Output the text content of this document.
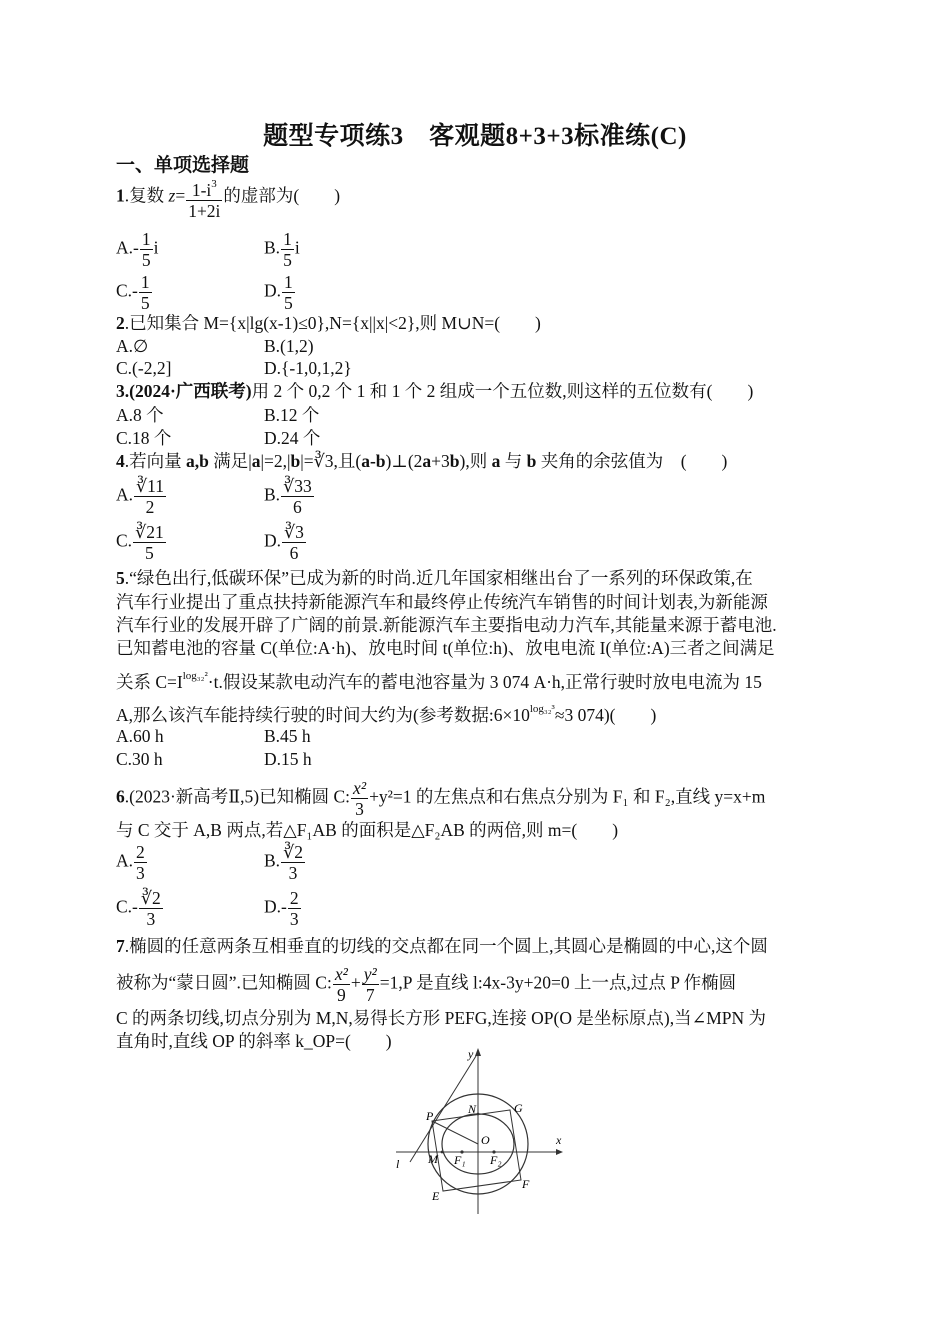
题型专项练3　客观题8+3+3标准练(C)
一、单项选择题
1.复数 $z= \frac{1-i^3}{1+2i}$ 的虚部为(　　)
$A.- \frac{1}{5}$ i	B. $\frac{1}{5}$ i
$C.- \frac{1}{5}$	D. $\frac{1}{5}$
2.已知集合 M={x|lg(x-1)≤0},N={x||x|<2},则 M∪N=(　　)
A.∅	B.(1,2)
C.(-2,2]	D.{-1,0,1,2}
3.(2024·广西联考)用 2 个 0,2 个 1 和 1 个 2 组成一个五位数,则这样的五位数有(　　)
A.8 个	B.12 个
C.18 个	D.24 个
4.若向量 a,b 满足|a|=2,|b|=∛3,且(a-b)⊥(2a+3b),则 a 与 b 夹角的余弦值为　(　　)
A. $\frac{∛11}{2}$	B. $\frac{∛33}{6}$
C. $\frac{∛21}{5}$	D. $\frac{∛3}{6}$
5.“绿色出行,低碳环保”已成为新的时尚.近几年国家相继出台了一系列的环保政策,在
汽车行业提出了重点扶持新能源汽车和最终停止传统汽车销售的时间计划表,为新能源
汽车行业的发展开辟了广阔的前景.新能源汽车主要指电动力汽车,其能量来源于蓄电池.
已知蓄电池的容量 C(单位:A·h)、放电时间 t(单位:h)、放电电流 I(单位:A)三者之间满足
关系 $C=I^{log_{32}^2}\cdot t$.假设某款电动汽车的蓄电池容量为 3 074 A·h,正常行驶时放电电流为 15
A,那么该汽车能持续行驶的时间大约为(参考数据$:6\times 10^{log_{32}^3}\approx 3$ 074)(　　)
A.60 h	B.45 h
C.30 h	D.15 h
6.(2023·新高考Ⅱ,5)已知椭圆 C: $\frac{\text{x²}}{3} +y^2=1$ 的左焦点和右焦点分别为 F₁ 和 F₂,直线 y=x+m
与 C 交于 A,B 两点,若△F₁AB 的面积是△F₂AB 的两倍,则 m=(　　)
A. $\frac{2}{3}$	B. $\frac{∛2}{3}$
$C.- \frac{∛2}{3}$	$D.- \frac{2}{3}$
7.椭圆的任意两条互相垂直的切线的交点都在同一个圆上,其圆心是椭圆的中心,这个圆
被称为“蒙日圆”.已知椭圆 C: $\frac{\text{x²}}{9} + \frac{\text{y²}}{7} =1,P$ 是直线 l:4x-3y+20=0 上一点,过点 P 作椭圆
C 的两条切线,切点分别为 M,N,易得长方形 PEFG,连接 OP(O 是坐标原点),当∠MPN 为
直角时,直线 OP 的斜率 k_OP=(　　)
y
x
O
P	N	G
M F₁ F₂
E
F
l
